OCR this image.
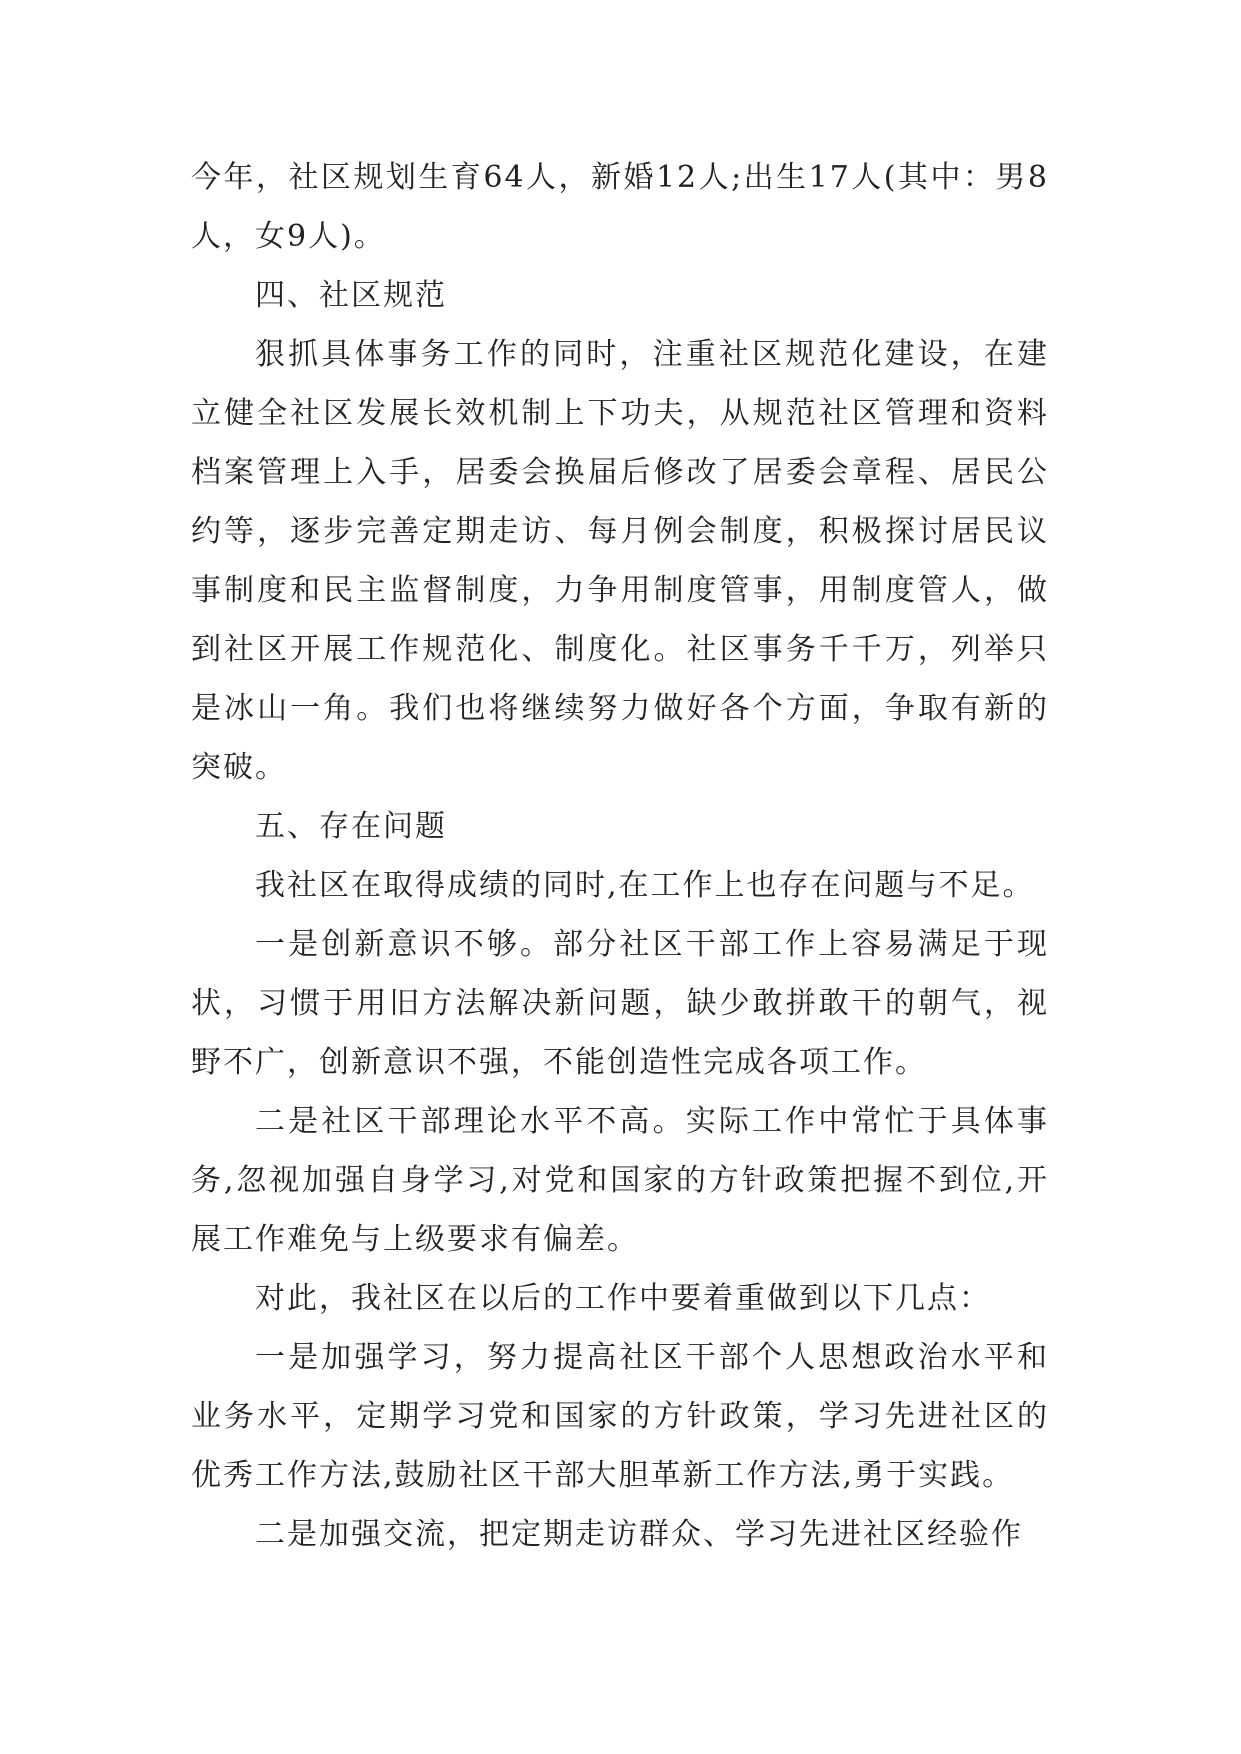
今年，社区规划生育64人，新婚12人;出生17人(其中：男8人，女9人)。

四、社区规范

狠抓具体事务工作的同时，注重社区规范化建设，在建立健全社区发展长效机制上下功夫，从规范社区管理和资料档案管理上入手，居委会换届后修改了居委会章程、居民公约等，逐步完善定期走访、每月例会制度，积极探讨居民议事制度和民主监督制度，力争用制度管事，用制度管人，做到社区开展工作规范化、制度化。社区事务千千万，列举只是冰山一角。我们也将继续努力做好各个方面，争取有新的突破。

五、存在问题

我社区在取得成绩的同时,在工作上也存在问题与不足。

一是创新意识不够。部分社区干部工作上容易满足于现状，习惯于用旧方法解决新问题，缺少敢拼敢干的朝气，视野不广，创新意识不强，不能创造性完成各项工作。

二是社区干部理论水平不高。实际工作中常忙于具体事务,忽视加强自身学习,对党和国家的方针政策把握不到位,开展工作难免与上级要求有偏差。

对此，我社区在以后的工作中要着重做到以下几点：

一是加强学习，努力提高社区干部个人思想政治水平和业务水平，定期学习党和国家的方针政策，学习先进社区的优秀工作方法,鼓励社区干部大胆革新工作方法,勇于实践。

二是加强交流，把定期走访群众、学习先进社区经验作
